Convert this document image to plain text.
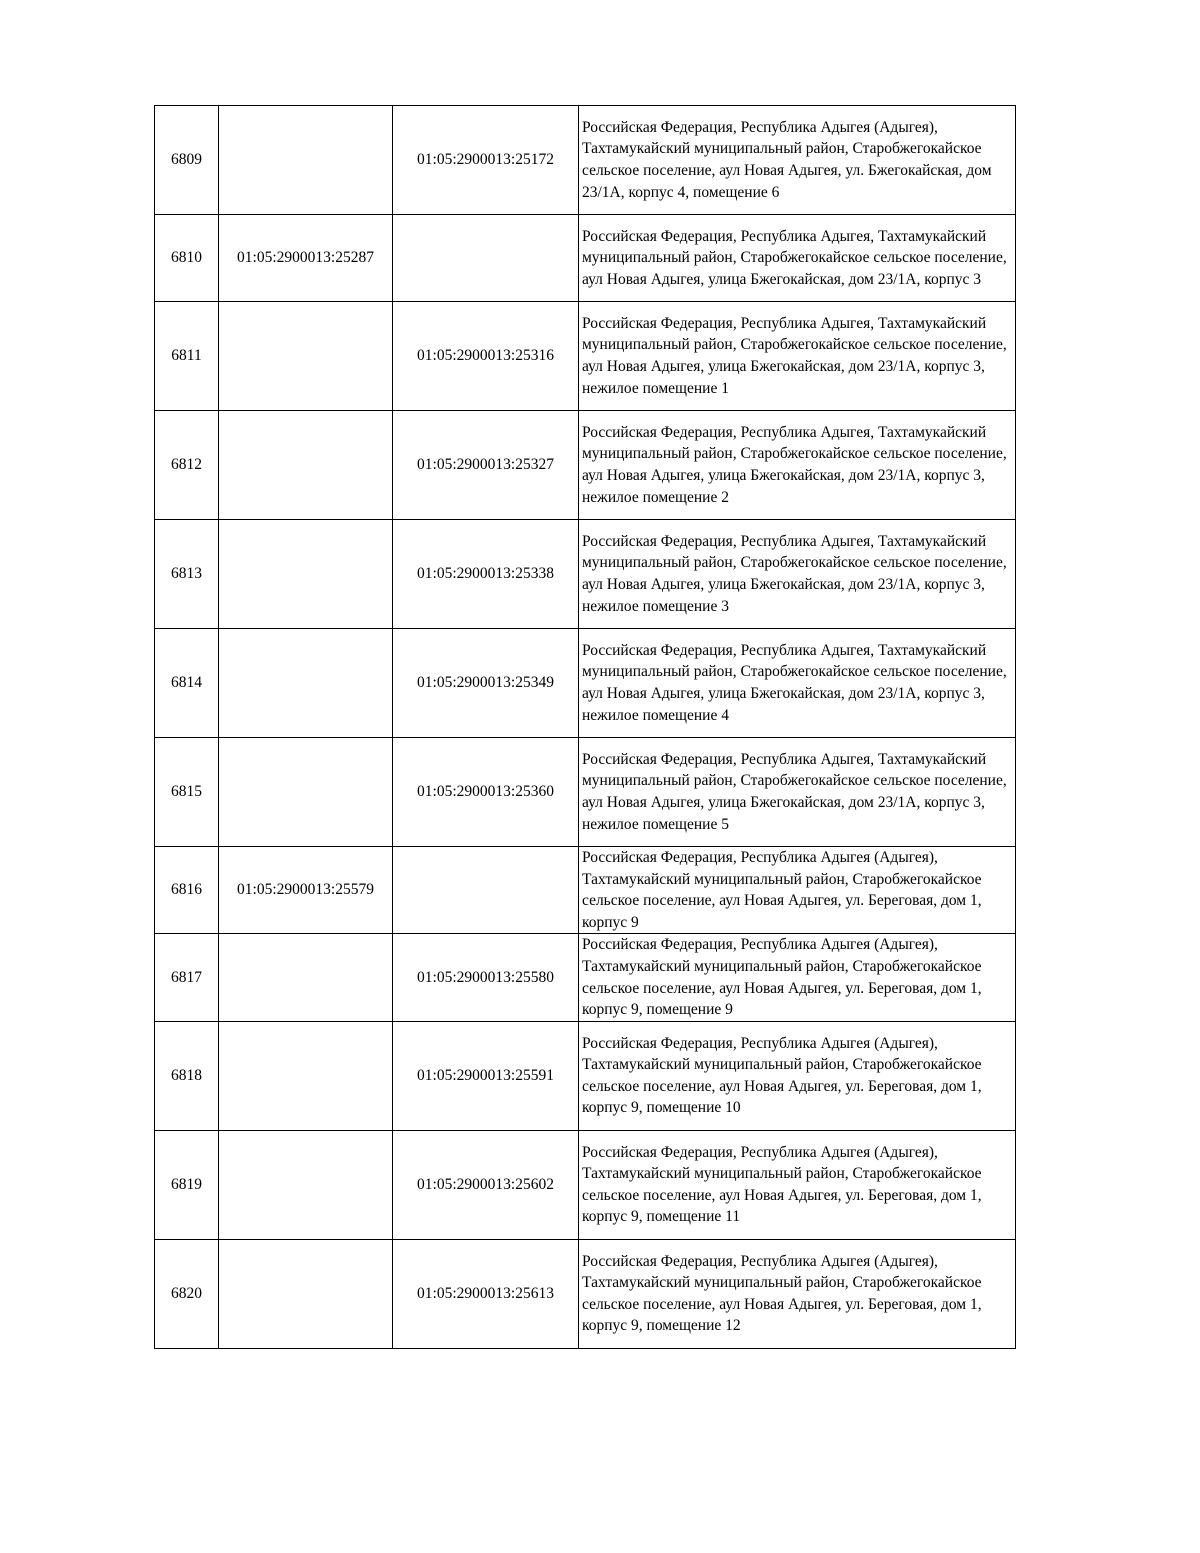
6809		01:05:2900013:25172	Российская Федерация, Республика Адыгея (Адыгея), Тахтамукайский муниципальный район, Старобжегокайское сельское поселение, аул Новая Адыгея, ул. Бжегокайская, дом 23/1А, корпус 4, помещение 6
6810	01:05:2900013:25287		Российская Федерация, Республика Адыгея, Тахтамукайский муниципальный район, Старобжегокайское сельское поселение, аул Новая Адыгея, улица Бжегокайская, дом 23/1А, корпус 3
6811		01:05:2900013:25316	Российская Федерация, Республика Адыгея, Тахтамукайский муниципальный район, Старобжегокайское сельское поселение, аул Новая Адыгея, улица Бжегокайская, дом 23/1А, корпус 3, нежилое помещение 1
6812		01:05:2900013:25327	Российская Федерация, Республика Адыгея, Тахтамукайский муниципальный район, Старобжегокайское сельское поселение, аул Новая Адыгея, улица Бжегокайская, дом 23/1А, корпус 3, нежилое помещение 2
6813		01:05:2900013:25338	Российская Федерация, Республика Адыгея, Тахтамукайский муниципальный район, Старобжегокайское сельское поселение, аул Новая Адыгея, улица Бжегокайская, дом 23/1А, корпус 3, нежилое помещение 3
6814		01:05:2900013:25349	Российская Федерация, Республика Адыгея, Тахтамукайский муниципальный район, Старобжегокайское сельское поселение, аул Новая Адыгея, улица Бжегокайская, дом 23/1А, корпус 3, нежилое помещение 4
6815		01:05:2900013:25360	Российская Федерация, Республика Адыгея, Тахтамукайский муниципальный район, Старобжегокайское сельское поселение, аул Новая Адыгея, улица Бжегокайская, дом 23/1А, корпус 3, нежилое помещение 5
6816	01:05:2900013:25579		Российская Федерация, Республика Адыгея (Адыгея), Тахтамукайский муниципальный район, Старобжегокайское сельское поселение, аул Новая Адыгея, ул. Береговая, дом 1, корпус 9
6817		01:05:2900013:25580	Российская Федерация, Республика Адыгея (Адыгея), Тахтамукайский муниципальный район, Старобжегокайское сельское поселение, аул Новая Адыгея, ул. Береговая, дом 1, корпус 9, помещение 9
6818		01:05:2900013:25591	Российская Федерация, Республика Адыгея (Адыгея), Тахтамукайский муниципальный район, Старобжегокайское сельское поселение, аул Новая Адыгея, ул. Береговая, дом 1, корпус 9, помещение 10
6819		01:05:2900013:25602	Российская Федерация, Республика Адыгея (Адыгея), Тахтамукайский муниципальный район, Старобжегокайское сельское поселение, аул Новая Адыгея, ул. Береговая, дом 1, корпус 9, помещение 11
6820		01:05:2900013:25613	Российская Федерация, Республика Адыгея (Адыгея), Тахтамукайский муниципальный район, Старобжегокайское сельское поселение, аул Новая Адыгея, ул. Береговая, дом 1, корпус 9, помещение 12
